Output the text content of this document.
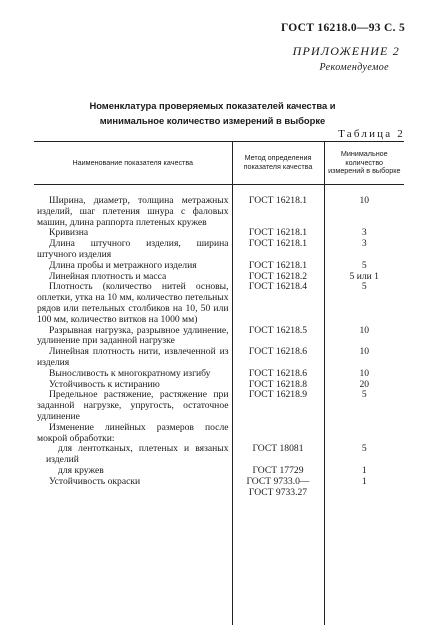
ГОСТ 16218.0—93 С. 5
ПРИЛОЖЕНИЕ 2
Рекомендуемое
Номенклатура проверяемых показателей качества и
минимальное количество измерений в выборке
Таблица 2
Наименование показателя качества	Метод определения показателя качества	Минимальное количество измерений в выборке
Ширина, диаметр, толщина метражных изделий, шаг плетения шнура с фаловых машин, длина раппорта плетеных кружев	ГОСТ 16218.1	10
Кривизна	ГОСТ 16218.1	3
Длина штучного изделия, ширина штучного изделия	ГОСТ 16218.1	3
Длина пробы и метражного изделия	ГОСТ 16218.1	5
Линейная плотность и масса	ГОСТ 16218.2	5 или 1
Плотность (количество нитей основы, оплетки, утка на 10 мм, количество петельных рядов или петельных столбиков на 10, 50 или 100 мм, количество витков на 1000 мм)	ГОСТ 16218.4	5
Разрывная нагрузка, разрывное удлинение, удлинение при заданной нагрузке	ГОСТ 16218.5	10
Линейная плотность нити, извлеченной из изделия	ГОСТ 16218.6	10
Выносливость к многократному изгибу	ГОСТ 16218.6	10
Устойчивость к истиранию	ГОСТ 16218.8	20
Предельное растяжение, растяжение при заданной нагрузке, упругость, остаточное удлинение	ГОСТ 16218.9	5
Изменение линейных размеров после мокрой обработки:		
для лентотканых, плетеных и вязаных изделий	ГОСТ 18081	5
для кружев	ГОСТ 17729	1
Устойчивость окраски	ГОСТ 9733.0— ГОСТ 9733.27	1
